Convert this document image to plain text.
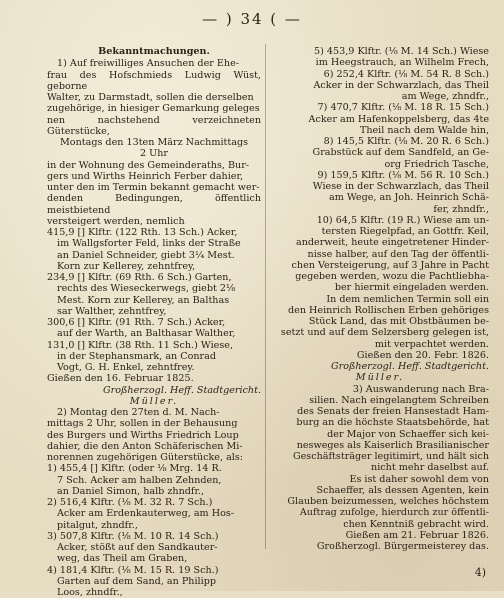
— ) 34 ( —

Bekanntmachungen.

1) Auf freiwilliges Ansuchen der Ehe-

frau des Hofschmieds Ludwig Wüst, geborne

Walter, zu Darmstadt, sollen die derselben

zugehörige, in hiesiger Gemarkung geleges

nen nachstehend verzeichneten Güterstücke,

Montags den 13ten März Nachmittags

2 Uhr

in der Wohnung des Gemeinderaths, Bur-

gers und Wirths Heinrich Ferber dahier,

unter den im Termin bekannt gemacht wer-

denden Bedingungen, öffentlich meistbietend

versteigert werden, nemlich

415,9 [] Klftr. (122 Rth. 13 Sch.) Acker,

im Wallgsforter Feld, links der Straße

an Daniel Schneider, giebt 3¼ Mest.

Korn zur Kellerey, zehntfrey,

234,9 [] Klftr. (69 Rth. 6 Sch.) Garten,

rechts des Wieseckerwegs, giebt 2⅛

Mest. Korn zur Kellerey, an Balthas

sar Walther, zehntfrey,

300,6 [] Klftr. (91 Rth. 7 Sch.) Acker,

auf der Warth, an Balthasar Walther,

131,0 [] Klftr. (38 Rth. 11 Sch.) Wiese,

in der Stephansmark, an Conrad

Vogt, G. H. Enkel, zehntfrey.

Gießen den 16. Februar 1825.

Großherzogl. Heff. Stadtgericht.

Müller.

2) Montag den 27ten d. M. Nach-

mittags 2 Uhr, sollen in der Behausung

des Burgers und Wirths Friedrich Loup

dahier, die den Anton Schäferischen Mi-

norennen zugehörigen Güterstücke, als:

1) 455,4 [] Klftr. (oder ⅛ Mrg. 14 R.

7 Sch. Acker am halben Zehnden,

an Daniel Simon, halb zhndfr.,

2) 516,4 Klftr. (⅛ M. 32 R. 7 Sch.)

Acker am Erdenkauterweg, am Hos-

pitalgut, zhndfr.,

3) 507,8 Klftr. (⅛ M. 10 R. 14 Sch.)

Acker, stößt auf den Sandkauter-

weg, das Theil am Graben,

4) 181,4 Klftr. (⅛ M. 15 R. 19 Sch.)

Garten auf dem Sand, an Philipp

Loos, zhndfr.,

5) 453,9 Klftr. (⅛ M. 14 Sch.) Wiese

im Heegstrauch, an Wilhelm Frech,

6) 252,4 Klftr. (⅛ M. 54 R. 8 Sch.)

Acker in der Schwarzlach, das Theil

am Wege, zhndfr.,

7) 470,7 Klftr. (⅛ M. 18 R. 15 Sch.)

Acker am Hafenkoppelsberg, das 4te

Theil nach dem Walde hin,

8) 145,5 Klftr. (⅛ M. 20 R. 6 Sch.)

Grabstück auf dem Sandfeld, an Ge-

org Friedrich Tasche,

9) 159,5 Klftr. (⅛ M. 56 R. 10 Sch.)

Wiese in der Schwarzlach, das Theil

am Wege, an Joh. Heinrich Schä-

fer, zhndfr.,

10) 64,5 Klftr. (19 R.) Wiese am un-

tersten Riegelpfad, an Gottfr. Keil,

anderweit, heute eingetretener Hinder-

nisse halber, auf den Tag der öffentli-

chen Versteigerung, auf 3 Jahre in Pacht

gegeben werden, wozu die Pachtliebha-

ber hiermit eingeladen werden.

In dem nemlichen Termin soll ein

den Heinrich Rollischen Erben gehöriges

Stück Land, das mit Obstbäumen be-

setzt und auf dem Selzersberg gelegen ist,

mit verpachtet werden.

Gießen den 20. Febr. 1826.

Großherzogl. Heff. Stadtgericht.

Müller.

3) Auswanderung nach Bra-

silien. Nach eingelangtem Schreiben

des Senats der freien Hansestadt Ham-

burg an die höchste Staatsbehörde, hat

der Major von Schaeffer sich kei-

nesweges als Kaiserlich Brasilianischer

Geschäftsträger legitimirt, und hält sich

nicht mehr daselbst auf.

Es ist daher sowohl dem von

Schaeffer, als dessen Agenten, kein

Glauben beizumessen, welches höchstem

Auftrag zufolge, hierdurch zur öffentli-

chen Kenntniß gebracht wird.

Gießen am 21. Februar 1826.

Großherzogl. Bürgermeisterey das.

4)
